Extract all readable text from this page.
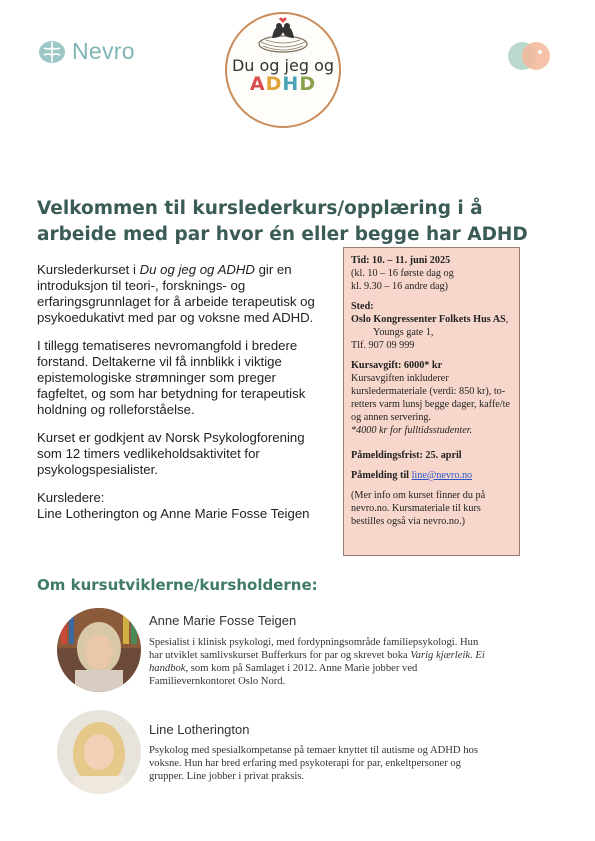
Nevro
Du og jeg og
ADHD
Velkommen til kurslederkurs/opplæring i å arbeide med par hvor én eller begge har ADHD

Kurslederkurset i Du og jeg og ADHD gir en introduksjon til teori-, forsknings- og erfaringsgrunnlaget for å arbeide terapeutisk og psykoedukativt med par og voksne med ADHD.

I tillegg tematiseres nevromangfold i bredere forstand. Deltakerne vil få innblikk i viktige epistemologiske strømninger som preger fagfeltet, og som har betydning for terapeutisk holdning og rolleforståelse.

Kurset er godkjent av Norsk Psykologforening som 12 timers vedlikeholdsaktivitet for psykologspesialister.

Kursledere:
Line Lotherington og Anne Marie Fosse Teigen

Tid: 10. – 11. juni 2025
(kl. 10 – 16 første dag og
kl. 9.30 – 16 andre dag)

Sted:
Oslo Kongressenter Folkets Hus AS,
Youngs gate 1,
Tlf. 907 09 999

Kursavgift: 6000* kr
Kursavgiften inkluderer kursledermateriale (verdi: 850 kr), to-retters varm lunsj begge dager, kaffe/te og annen servering.
*4000 kr for fulltidsstudenter.

Påmeldingsfrist: 25. april

Påmelding til line@nevro.no

(Mer info om kurset finner du på nevro.no. Kursmateriale til kurs bestilles også via nevro.no.)

Om kursutviklerne/kursholderne:
Anne Marie Fosse Teigen
Spesialist i klinisk psykologi, med fordypningsområde familiepsykologi. Hun har utviklet samlivskurset Bufferkurs for par og skrevet boka Varig kjærleik. Ei handbok, som kom på Samlaget i 2012. Anne Marie jobber ved Familievernkontoret Oslo Nord.
Line Lotherington
Psykolog med spesialkompetanse på temaer knyttet til autisme og ADHD hos voksne. Hun har bred erfaring med psykoterapi for par, enkeltpersoner og grupper. Line jobber i privat praksis.
